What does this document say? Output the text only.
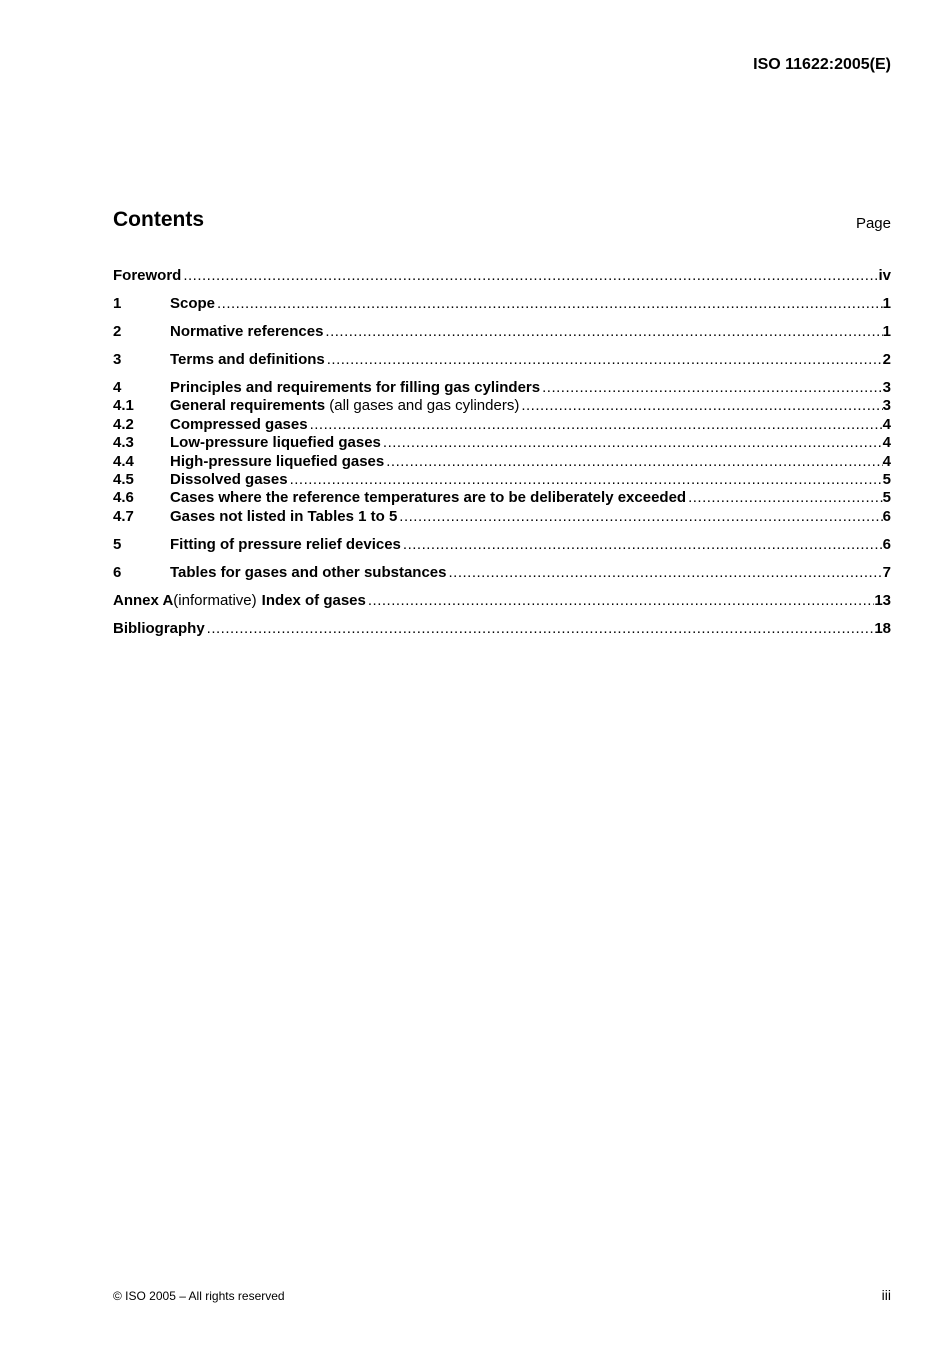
ISO 11622:2005(E)
Contents	Page
Foreword .....	iv
1	Scope .....	1
2	Normative references .....	1
3	Terms and definitions .....	2
4	Principles and requirements for filling gas cylinders .....	3
4.1	General requirements (all gases and gas cylinders) .....	3
4.2	Compressed gases .....	4
4.3	Low-pressure liquefied gases .....	4
4.4	High-pressure liquefied gases .....	4
4.5	Dissolved gases .....	5
4.6	Cases where the reference temperatures are to be deliberately exceeded .....	5
4.7	Gases not listed in Tables 1 to 5 .....	6
5	Fitting of pressure relief devices .....	6
6	Tables for gases and other substances .....	7
Annex A (informative) Index of gases .....	13
Bibliography .....	18
© ISO 2005 – All rights reserved	iii
